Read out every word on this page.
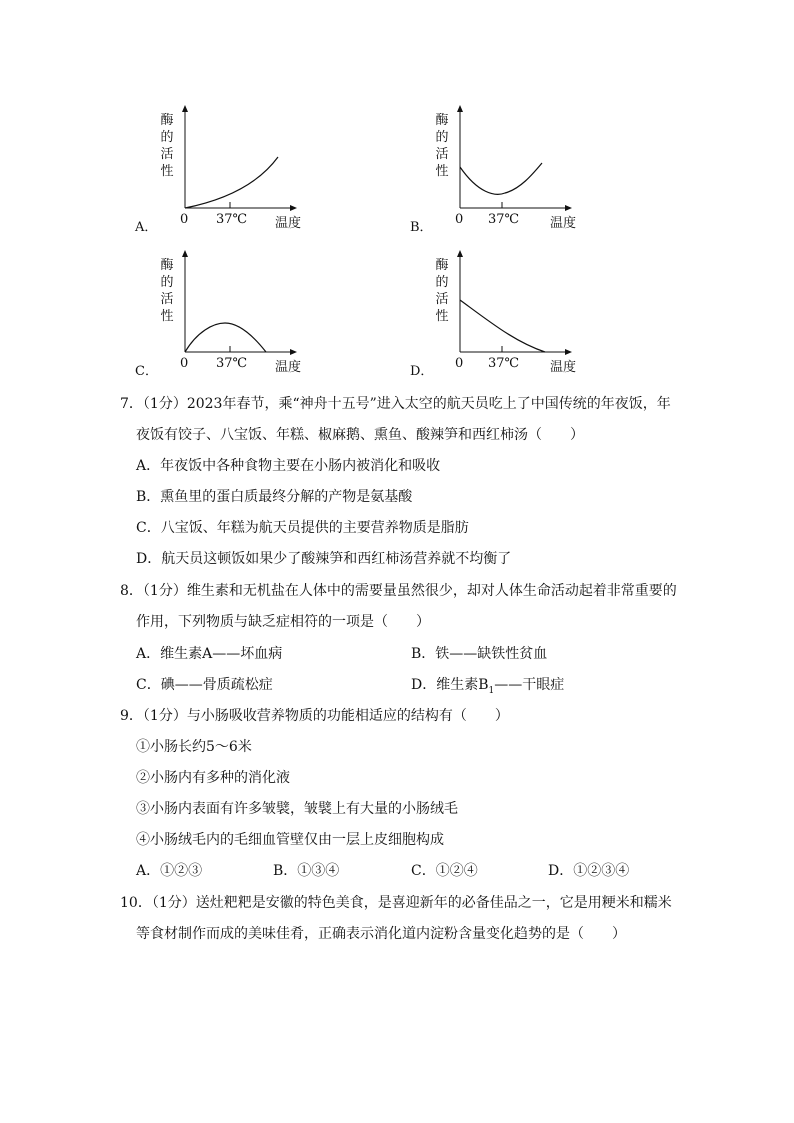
酶
的
活
性
0 37℃ 温度
A．
酶
的
活
性
0 37℃ 温度
B．
酶
的
活
性
0 37℃ 温度
C．
酶
的
活
性
0 37℃ 温度
D．
7．（1分）2023年春节，乘“神舟十五号”进入太空的航天员吃上了中国传统的年夜饭，年
夜饭有饺子、八宝饭、年糕、椒麻鹅、熏鱼、酸辣笋和西红柿汤（　　）
A．年夜饭中各种食物主要在小肠内被消化和吸收
B．熏鱼里的蛋白质最终分解的产物是氨基酸
C．八宝饭、年糕为航天员提供的主要营养物质是脂肪
D．航天员这顿饭如果少了酸辣笋和西红柿汤营养就不均衡了
8．（1分）维生素和无机盐在人体中的需要量虽然很少，却对人体生命活动起着非常重要的
作用，下列物质与缺乏症相符的一项是（　　）
A．维生素A——坏血病	B．铁——缺铁性贫血
C．碘——骨质疏松症	D．维生素$B_1——$干眼症
9．（1分）与小肠吸收营养物质的功能相适应的结构有（　　）
①小肠长约5～6米
②小肠内有多种的消化液
③小肠内表面有许多皱襞，皱襞上有大量的小肠绒毛
④小肠绒毛内的毛细血管壁仅由一层上皮细胞构成
A．①②③	B．①③④	C．①②④	D．①②③④
10．（1分）送灶粑粑是安徽的特色美食，是喜迎新年的必备佳品之一，它是用粳米和糯米
等食材制作而成的美味佳肴，正确表示消化道内淀粉含量变化趋势的是（　　）
